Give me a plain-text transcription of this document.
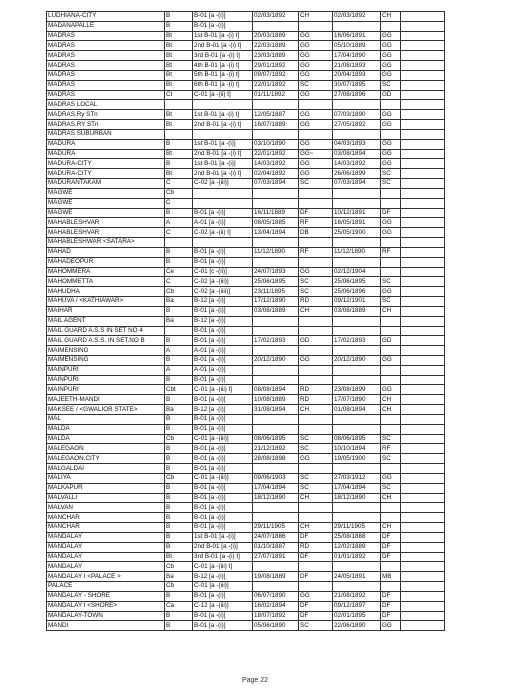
LUDHIANA-CITY	B	B-01 [a -(i)]	02/03/1892	CH	02/03/1892	CH	
MADANAPALLE	B	B-01 [a -(i)]					
MADRAS	Bt	1st B-01 [a -(i) t]	20/03/1889	GG	16/06/1891	GG	
MADRAS	Bt	2nd B-01 [a -(i) t]	22/03/1889	GG	05/10/1889	GG	
MADRAS	Bt	3rd B-01 [a -(i) t]	23/03/1889	GG	17/04/1890	GG	
MADRAS	Bt	4th B-01 [a -(i) t]	29/01/1892	GG	21/08/1893	GG	
MADRAS	Bt	5th B-01 [a -(i) t]	09/07/1892	GG	20/04/1893	GG	
MADRAS	Bt	6th B-01 [a -(i) t]	22/01/1892	SC	30/07/1895	SC	
MADRAS	Ct	C-01 [a -(ii) t]	01/11/1892	GG	27/08/1896	GD	
MADRAS LOCAL							
MADRAS.Ry STn	Bt	1st B-01 [a -(i) t]	12/05/1887	GG	07/03/1890	GG	
MADRAS.RY STn	Bt	2nd B-01 [a -(i) t]	16/07/1889	GG	27/05/1892	GG	
MADRAS SUBURBAN							
MADURA	B	1st B-01 [a -(i)]	03/10/1890	GG	04/03/1893	GG	
MADURA	Bt	2nd B-01 [a -(i) t]	22/01/1892	GG~	03/08/1894	GG	
MADURA-CITY	B	1st B-01 [a -(i)]	14/03/1892	GG	14/03/1892	GG	
MADURA-CITY	Bt	2nd B-01 [a -(i) t]	02/04/1892	GG	26/06/1899	SC	
MADURANTAKAM	C	C-02 [a -(iii)]	07/03/1894	SC	07/03/1894	SC	
MAGWE	Cb						
MAGWE	C						
MAGWE	B	B-01 [a -(i)]	16/11/1889	DF	10/12/1891	DF	
MAHABLESHVAR	A	A-01 [a -(i)]	08/05/1885	RF	16/05/1891	GG	
MAHABLESHVAR	C	C-02 [a -(ii) t]	13/04/1894	DB	25/05/1900	GG	
MAHABLESHWAR <SATARA>							
MAHAD	B	B-01 [a -(i)]	11/12/1890	RF	11/12/1890	RF	
MAHADEOPUR	B	B-01 [a -(i)]					
MAHOMMERA	Ce	C-01 [c -(ii)]	24/07/1893	GG	02/12/1904		
MAHOMMETTA	C	C-02 [a -(iii)]	25/06/1895	SC	25/06/1895	SC	
MAHUDHA	Cb	C-02 [a -(iiii)]	23/11/1895	SC	25/06/1896	GG	
MAHUVA / <KATHIAWAR>	Ba	B-12 [a -(i)]	17/12/1890	RD	09/12/1901	SC	
MAIHAR	B	B-01 [a -(i)]	03/08/1889	CH	03/08/1889	CH	
MAIL AGENT	Ba	B-12 [a -(i)]					
MAIL GUARD A.S.S IN SET NO 4		B-01 [a -(i)]					
MAIL GUARD A.S.S. IN SET.NO B	B	B-01 [a -(i)]	17/02/1893	GD	17/02/1893	GD	
MAIMENSING	A	A-01 [a -(i)]					
MAIMENSING	B	B-01 [a -(i)]	20/12/1890	GG	20/12/1890	GG	
MAINPURI	A	A-01 [a -(i)]					
MAINPURI	B	B-01 [a -(i)]					
MAINPURI	Cbt	C-01 [a -(iii) t]	08/08/1894	RD	23/08/1899	GG	
MAJEETH-MANDI	B	B-01 [a -(i)]	10/08/1889	RD	17/07/1890	CH	
MAKSEE / <GWALIOR STATE>	Ba	B-12 [a -(i)]	31/08/1894	CH	01/08/1894	CH	
MAL	B	B-01 [a -(i)]					
MALDA	B	B-01 [a -(i)]					
MALDA	Cb	C-01 [a -(iii)]	08/06/1895	SC	08/06/1895	SC	
MALEGAON	B	B-01 [a -(i)]	21/12/1892	SC	10/10/1894	RF	
MALEGAON.CITY	B	B-01 [a -(i)]	28/08/1898	GG	19/05/1900	SC	
MALGALDAI	B	B-01 [a -(i)]					
MALIYA	Cb	C-01 [a -(iii)]	09/06/1903	SC	27/03/1912	GG	
MALKAPUR	B	B-01 [a -(i)]	17/04/1894	SC	17/04/1894	SC	
MALVALLI	B	B-01 [a -(i)]	18/12/1890	CH	18/12/1890	CH	
MALVAN	B	B-01 [a -(i)]					
MANCHAR	B	B-01 [a -(i)]					
MANCHAR	B	B-01 [a -(i)]	29/11/1905	CH	29/11/1905	CH	
MANDALAY	B	1st B-01 [a -(i)]	24/07/1886	DF	25/08/1888	DF	
MANDALAY	B	2nd B-01 [a -(i)]	01/10/1887	RD	12/02/1889	DF	
MANDALAY	Bt	3rd B-01 [a -(i) t]	27/07/1891	DF	01/01/1892	DF	
MANDALAY	Cb	C-01 [a -(iii) t]					
MANDALAY I <PALACE >	Ba	B-12 [a -(i)]	19/08/1889	DF	24/05/1891	MB	
PALACE	Cb	C-01 [a -(iii)]					
MANDALAY - SHORE	B	B-01 [a -(i)]	06/07/1890	GG	21/08/1892	DF	
MANDALAY I <SHORE>	Ca	C-12 [a -(iii)]	16/02/1894	DF	09/12/1897	DF	
MANDALAY-TOWN	B	B-01 [a -(i)]	18/07/1892	DF	02/01/1895	DF	
MANDI	B	B-01 [a -(i)]	05/06/1890	SC	22/06/1890	GG	
Page 22
